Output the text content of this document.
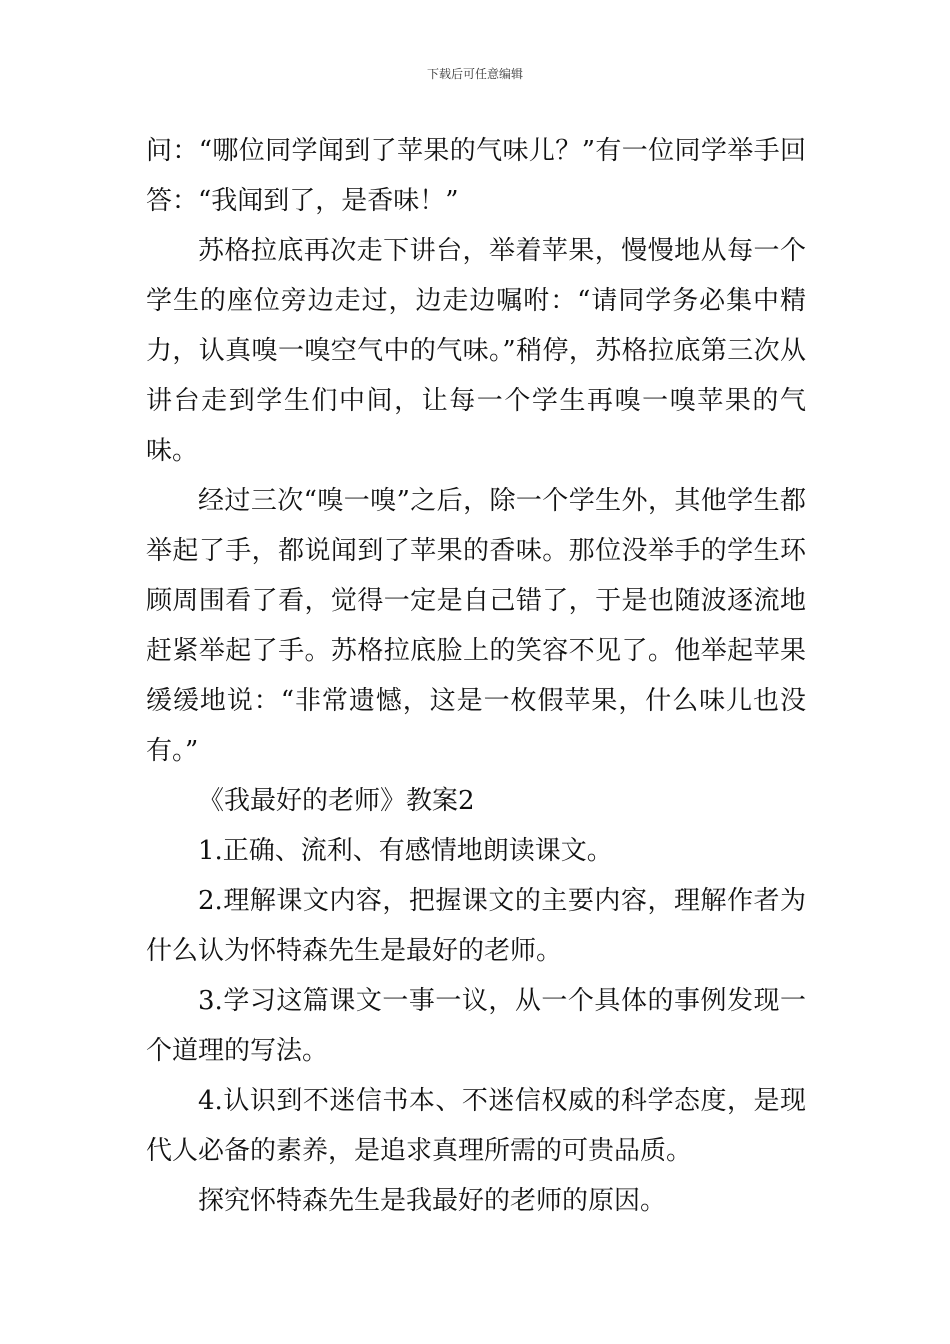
下载后可任意编辑

问：“哪位同学闻到了苹果的气味儿？”有一位同学举手回答：“我闻到了，是香味！”

苏格拉底再次走下讲台，举着苹果，慢慢地从每一个学生的座位旁边走过，边走边嘱咐：“请同学务必集中精力，认真嗅一嗅空气中的气味。”稍停，苏格拉底第三次从讲台走到学生们中间，让每一个学生再嗅一嗅苹果的气味。

经过三次“嗅一嗅”之后，除一个学生外，其他学生都举起了手，都说闻到了苹果的香味。那位没举手的学生环顾周围看了看，觉得一定是自己错了，于是也随波逐流地赶紧举起了手。苏格拉底脸上的笑容不见了。他举起苹果缓缓地说：“非常遗憾，这是一枚假苹果，什么味儿也没有。”

《我最好的老师》教案2

1.正确、流利、有感情地朗读课文。

2.理解课文内容，把握课文的主要内容，理解作者为什么认为怀特森先生是最好的老师。

3.学习这篇课文一事一议，从一个具体的事例发现一个道理的写法。

4.认识到不迷信书本、不迷信权威的科学态度，是现代人必备的素养，是追求真理所需的可贵品质。

探究怀特森先生是我最好的老师的原因。
